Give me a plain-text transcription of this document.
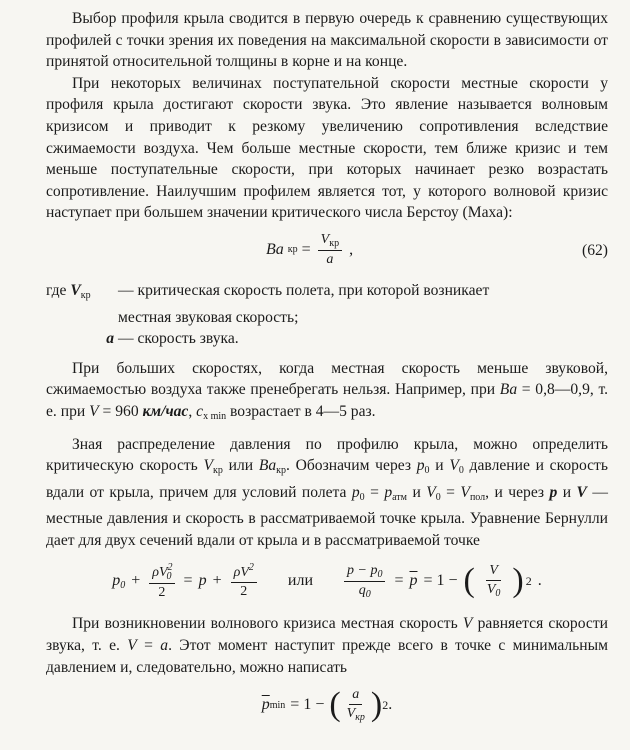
Выбор профиля крыла сводится в первую очередь к сравнению существующих профилей с точки зрения их поведения на максимальной скорости в зависимости от принятой относительной толщины в корне и на конце.

При некоторых величинах поступательной скорости местные скорости у профиля крыла достигают скорости звука. Это явление называется волновым кризисом и приводит к резкому увеличению сопротивления вследствие сжимаемости воздуха. Чем больше местные скорости, тем ближе кризис и тем меньше поступательные скорости, при которых начинает резко возрастать сопротивление. Наилучшим профилем является тот, у которого волновой кризис наступает при большем значении критического числа Берстоу (Маха):

Ba кр = $\frac{V_{кр}}{a}$ ,	(62)
где $V_{кр}$	— критическая скорость полета, при которой возникает
местная звуковая скорость;
a — скорость звука.

При больших скоростях, когда местная скорость меньше звуковой, сжимаемостью воздуха также пренебрегать нельзя. Например, при Ba = 0,8—0,9, т. е. при V = 960 км/час, $c_{x min}$ возрастает в 4—5 раз.

Зная распределение давления по профилю крыла, можно определить критическую скорость $V_{кр}$ или $Ba_{кр}$. Обозначим через $p_0$ и $V_0$ давление и скорость вдали от крыла, причем для условий полета $p_0 = p_{атм}$ и $V_0 = V_{пол}$, и через p и V — местные давления и скорость в рассматриваемой точке крыла. Уравнение Бернулли дает для двух сечений вдали от крыла и в рассматриваемой точке

$p_0 + \frac{\rho V^2_0}{2} = p + \frac{\rho V^2}{2}$ или $\frac{p - p_0}{q_0} = \overline{p} = 1$ − ( $\frac{V}{V_0}$ ) 2 .

При возникновении волнового кризиса местная скорость V равняется скорости звука, т. е. V = a. Этот момент наступит прежде всего в точке с минимальным давлением и, следовательно, можно написать

$\overline{p}$ min = 1 − ( $\frac{a}{V_{кр}}$ ) 2 .
